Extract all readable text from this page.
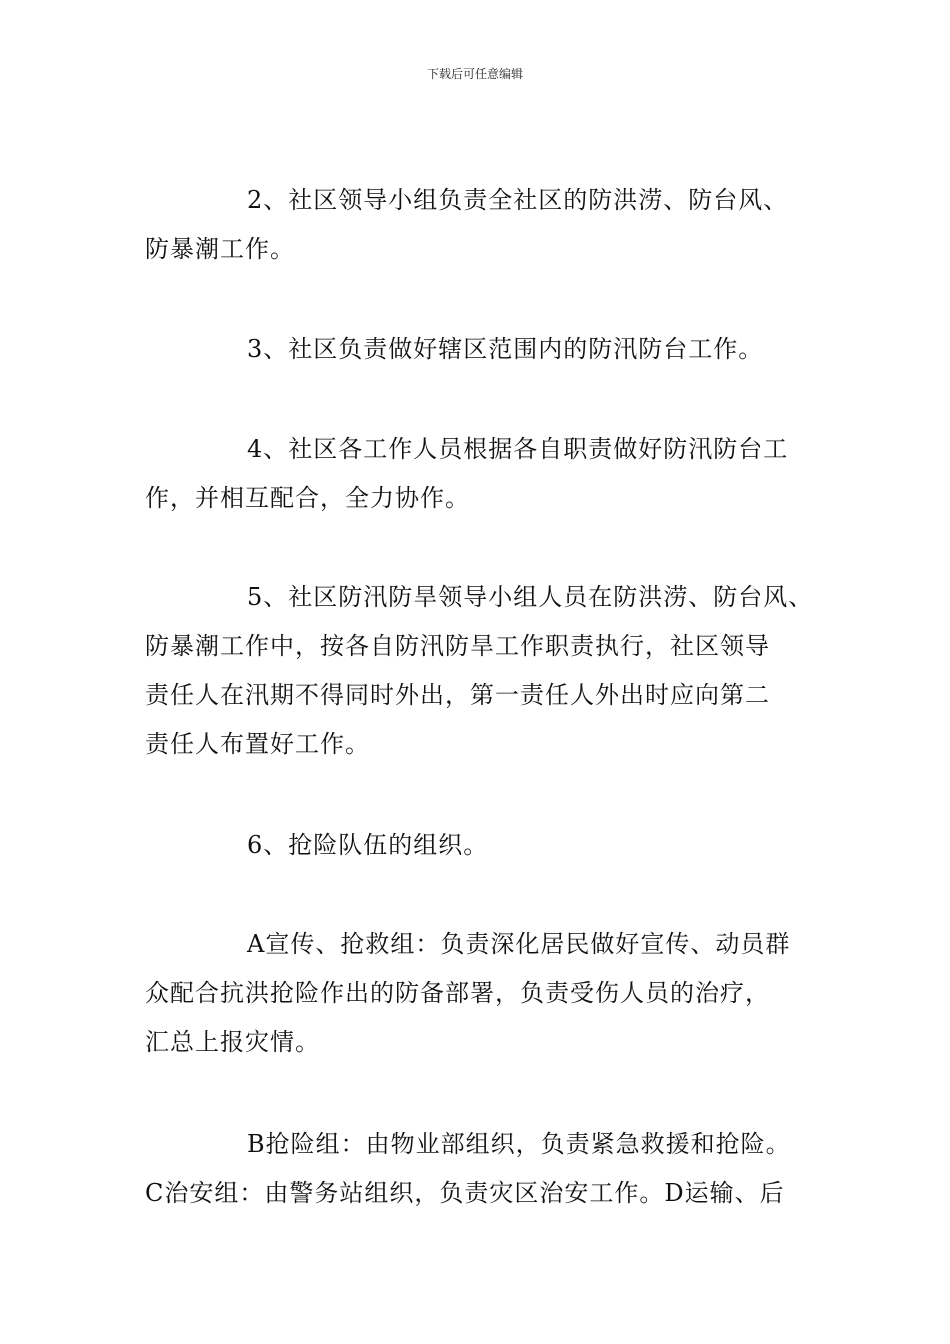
下载后可任意编辑
2、社区领导小组负责全社区的防洪涝、防台风、
防暴潮工作。
3、社区负责做好辖区范围内的防汛防台工作。
4、社区各工作人员根据各自职责做好防汛防台工
作，并相互配合，全力协作。
5、社区防汛防旱领导小组人员在防洪涝、防台风、
防暴潮工作中，按各自防汛防旱工作职责执行，社区领导
责任人在汛期不得同时外出，第一责任人外出时应向第二
责任人布置好工作。
6、抢险队伍的组织。
A宣传、抢救组：负责深化居民做好宣传、动员群
众配合抗洪抢险作出的防备部署，负责受伤人员的治疗，
汇总上报灾情。
B抢险组：由物业部组织，负责紧急救援和抢险。
C治安组：由警务站组织，负责灾区治安工作。D运输、后
